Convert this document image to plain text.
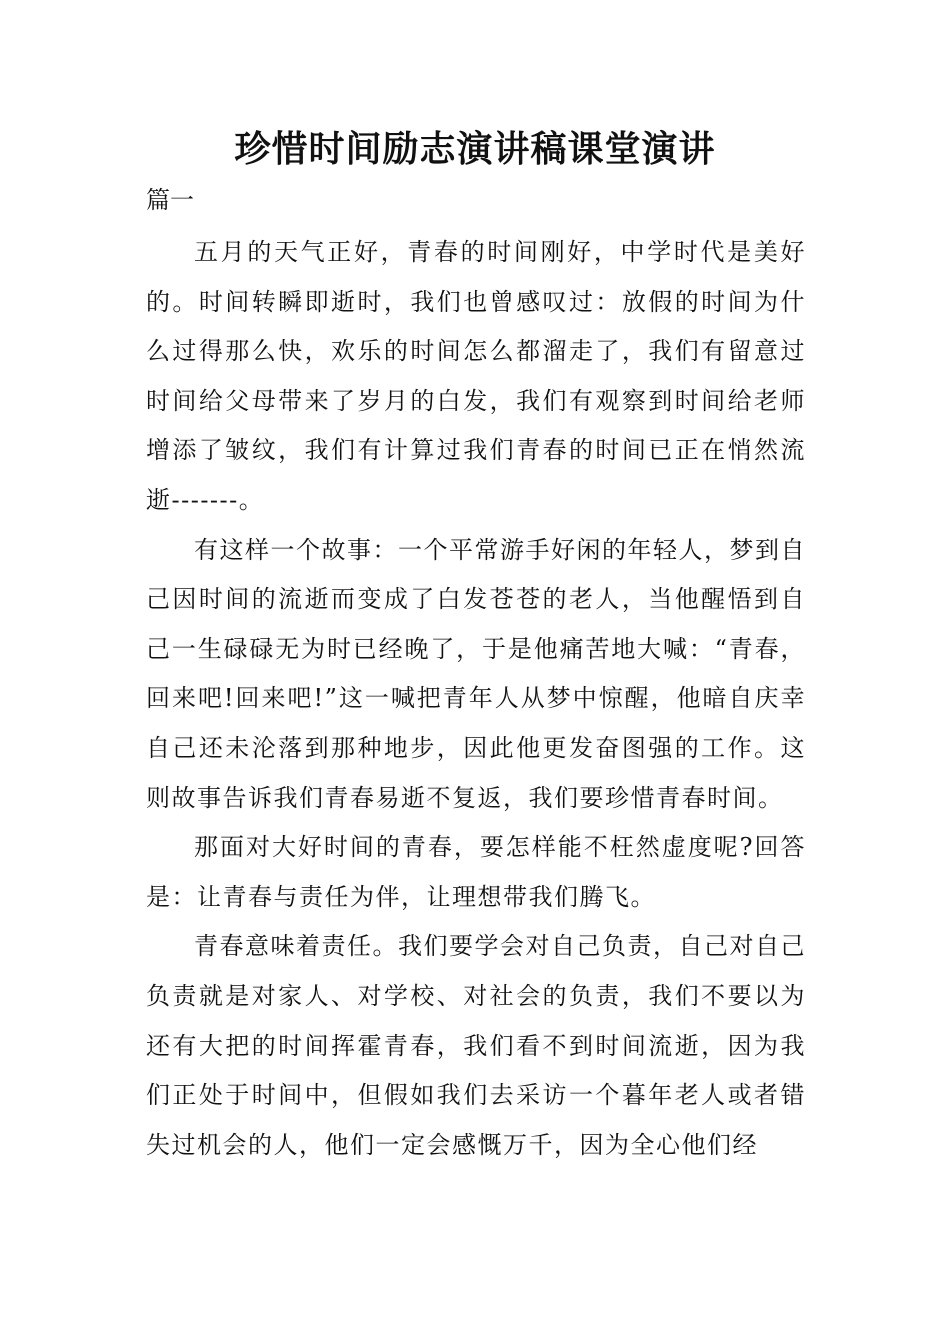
珍惜时间励志演讲稿课堂演讲
篇一

五月的天气正好，青春的时间刚好，中学时代是美好的。时间转瞬即逝时，我们也曾感叹过：放假的时间为什么过得那么快，欢乐的时间怎么都溜走了，我们有留意过时间给父母带来了岁月的白发，我们有观察到时间给老师增添了皱纹，我们有计算过我们青春的时间已正在悄然流逝-------。

有这样一个故事：一个平常游手好闲的年轻人，梦到自己因时间的流逝而变成了白发苍苍的老人，当他醒悟到自己一生碌碌无为时已经晚了，于是他痛苦地大喊：“青春，回来吧!回来吧!”这一喊把青年人从梦中惊醒，他暗自庆幸自己还未沦落到那种地步，因此他更发奋图强的工作。这则故事告诉我们青春易逝不复返，我们要珍惜青春时间。

那面对大好时间的青春，要怎样能不枉然虚度呢?回答是：让青春与责任为伴，让理想带我们腾飞。

青春意味着责任。我们要学会对自己负责，自己对自己负责就是对家人、对学校、对社会的负责，我们不要以为还有大把的时间挥霍青春，我们看不到时间流逝，因为我们正处于时间中，但假如我们去采访一个暮年老人或者错失过机会的人，他们一定会感慨万千，因为全心他们经
